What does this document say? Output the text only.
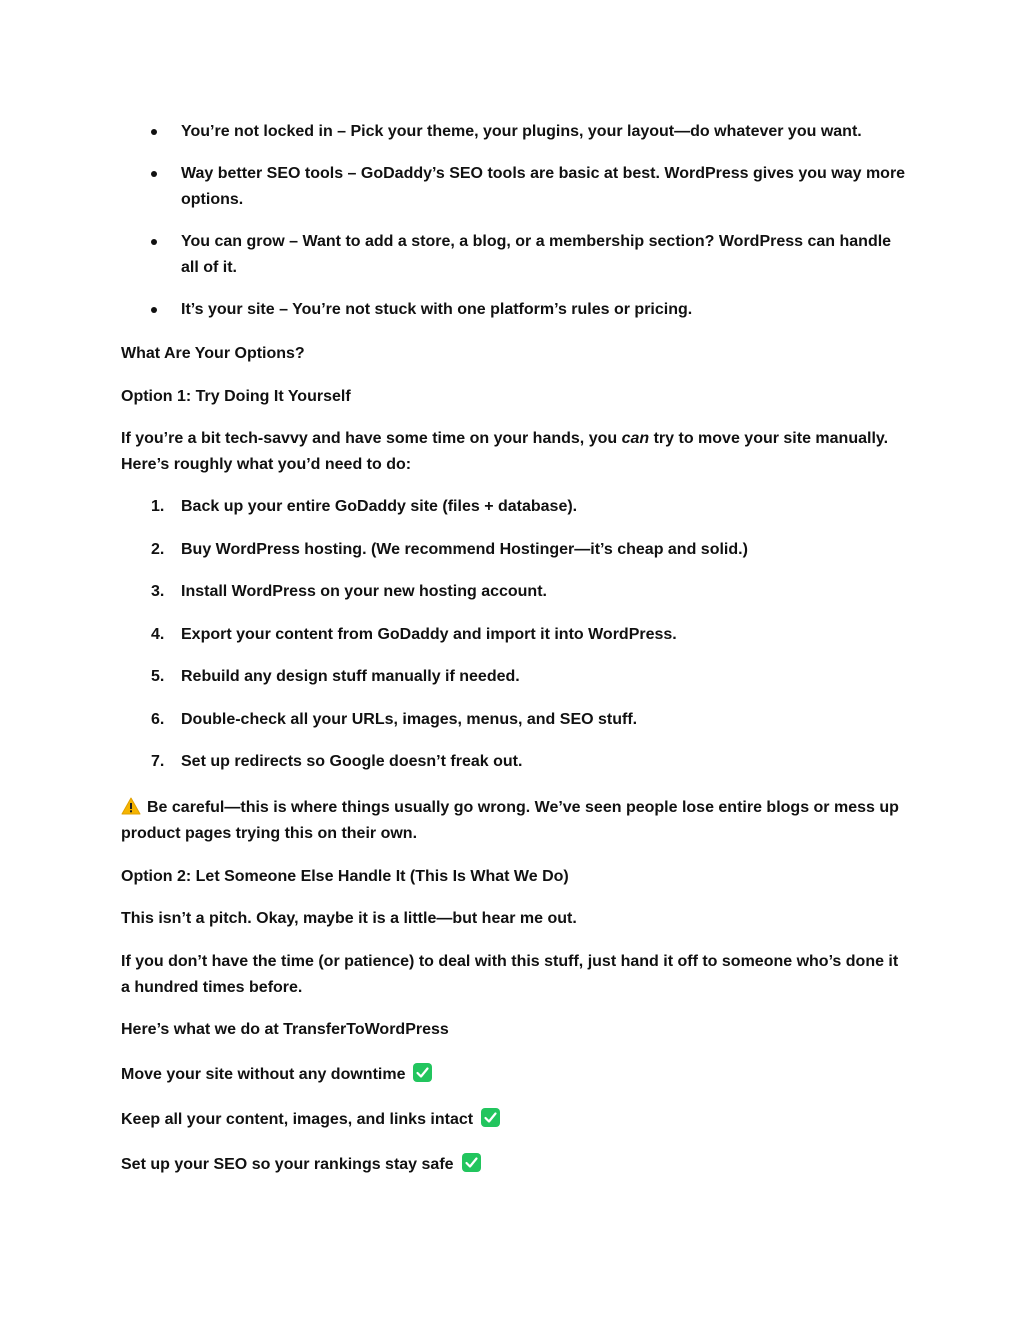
You’re not locked in – Pick your theme, your plugins, your layout—do whatever you want.
Way better SEO tools – GoDaddy’s SEO tools are basic at best. WordPress gives you way more options.
You can grow – Want to add a store, a blog, or a membership section? WordPress can handle all of it.
It’s your site – You’re not stuck with one platform’s rules or pricing.

What Are Your Options?

Option 1: Try Doing It Yourself

If you’re a bit tech-savvy and have some time on your hands, you can try to move your site manually. Here’s roughly what you’d need to do:

1. Back up your entire GoDaddy site (files + database).
2. Buy WordPress hosting. (We recommend Hostinger—it’s cheap and solid.)
3. Install WordPress on your new hosting account.
4. Export your content from GoDaddy and import it into WordPress.
5. Rebuild any design stuff manually if needed.
6. Double-check all your URLs, images, menus, and SEO stuff.
7. Set up redirects so Google doesn’t freak out.

Be careful—this is where things usually go wrong. We’ve seen people lose entire blogs or mess up product pages trying this on their own.

Option 2: Let Someone Else Handle It (This Is What We Do)

This isn’t a pitch. Okay, maybe it is a little—but hear me out.

If you don’t have the time (or patience) to deal with this stuff, just hand it off to someone who’s done it a hundred times before.

Here’s what we do at TransferToWordPress

Move your site without any downtime

Keep all your content, images, and links intact

Set up your SEO so your rankings stay safe
